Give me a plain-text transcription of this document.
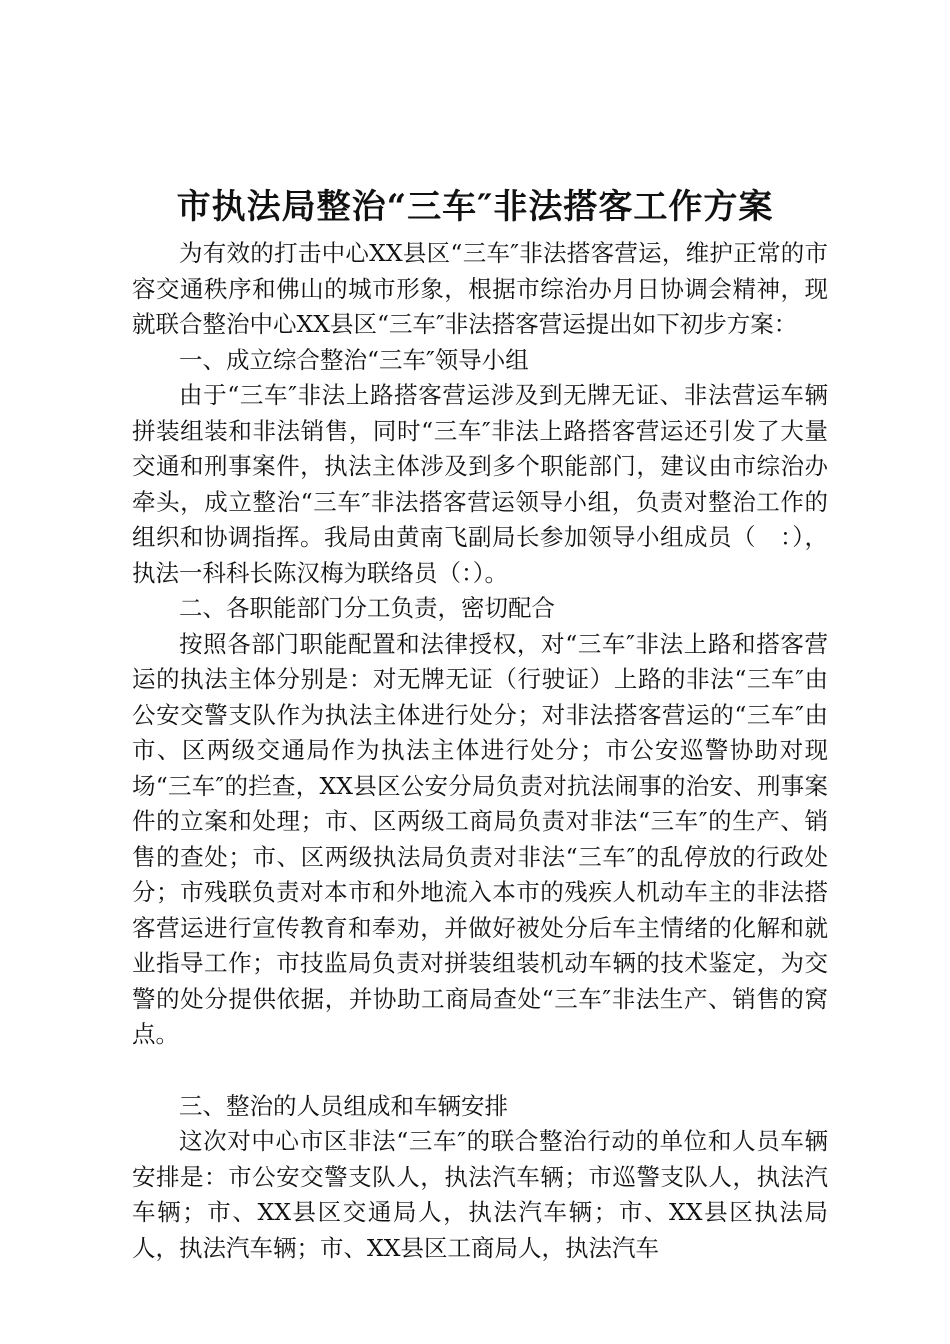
市执法局整治“三车″非法搭客工作方案

为有效的打击中心XX县区“三车″非法搭客营运，维护正常的市容交通秩序和佛山的城市形象，根据市综治办月日协调会精神，现就联合整治中心XX县区“三车″非法搭客营运提出如下初步方案：

一、成立综合整治“三车″领导小组

由于“三车″非法上路搭客营运涉及到无牌无证、非法营运车辆拼装组装和非法销售，同时“三车″非法上路搭客营运还引发了大量交通和刑事案件，执法主体涉及到多个职能部门，建议由市综治办牵头，成立整治“三车″非法搭客营运领导小组，负责对整治工作的组织和协调指挥。我局由黄南飞副局长参加领导小组成员（　：），执法一科科长陈汉梅为联络员（：）。

二、各职能部门分工负责，密切配合

按照各部门职能配置和法律授权，对“三车″非法上路和搭客营运的执法主体分别是：对无牌无证（行驶证）上路的非法“三车″由公安交警支队作为执法主体进行处分；对非法搭客营运的“三车″由市、区两级交通局作为执法主体进行处分；市公安巡警协助对现场“三车″的拦查，XX县区公安分局负责对抗法闹事的治安、刑事案件的立案和处理；市、区两级工商局负责对非法“三车″的生产、销售的查处；市、区两级执法局负责对非法“三车″的乱停放的行政处分；市残联负责对本市和外地流入本市的残疾人机动车主的非法搭客营运进行宣传教育和奉劝，并做好被处分后车主情绪的化解和就业指导工作；市技监局负责对拼装组装机动车辆的技术鉴定，为交警的处分提供依据，并协助工商局查处“三车″非法生产、销售的窝点。

三、整治的人员组成和车辆安排

这次对中心市区非法“三车″的联合整治行动的单位和人员车辆安排是：市公安交警支队人，执法汽车辆；市巡警支队人，执法汽车辆；市、XX县区交通局人，执法汽车辆；市、XX县区执法局人，执法汽车辆；市、XX县区工商局人，执法汽车
